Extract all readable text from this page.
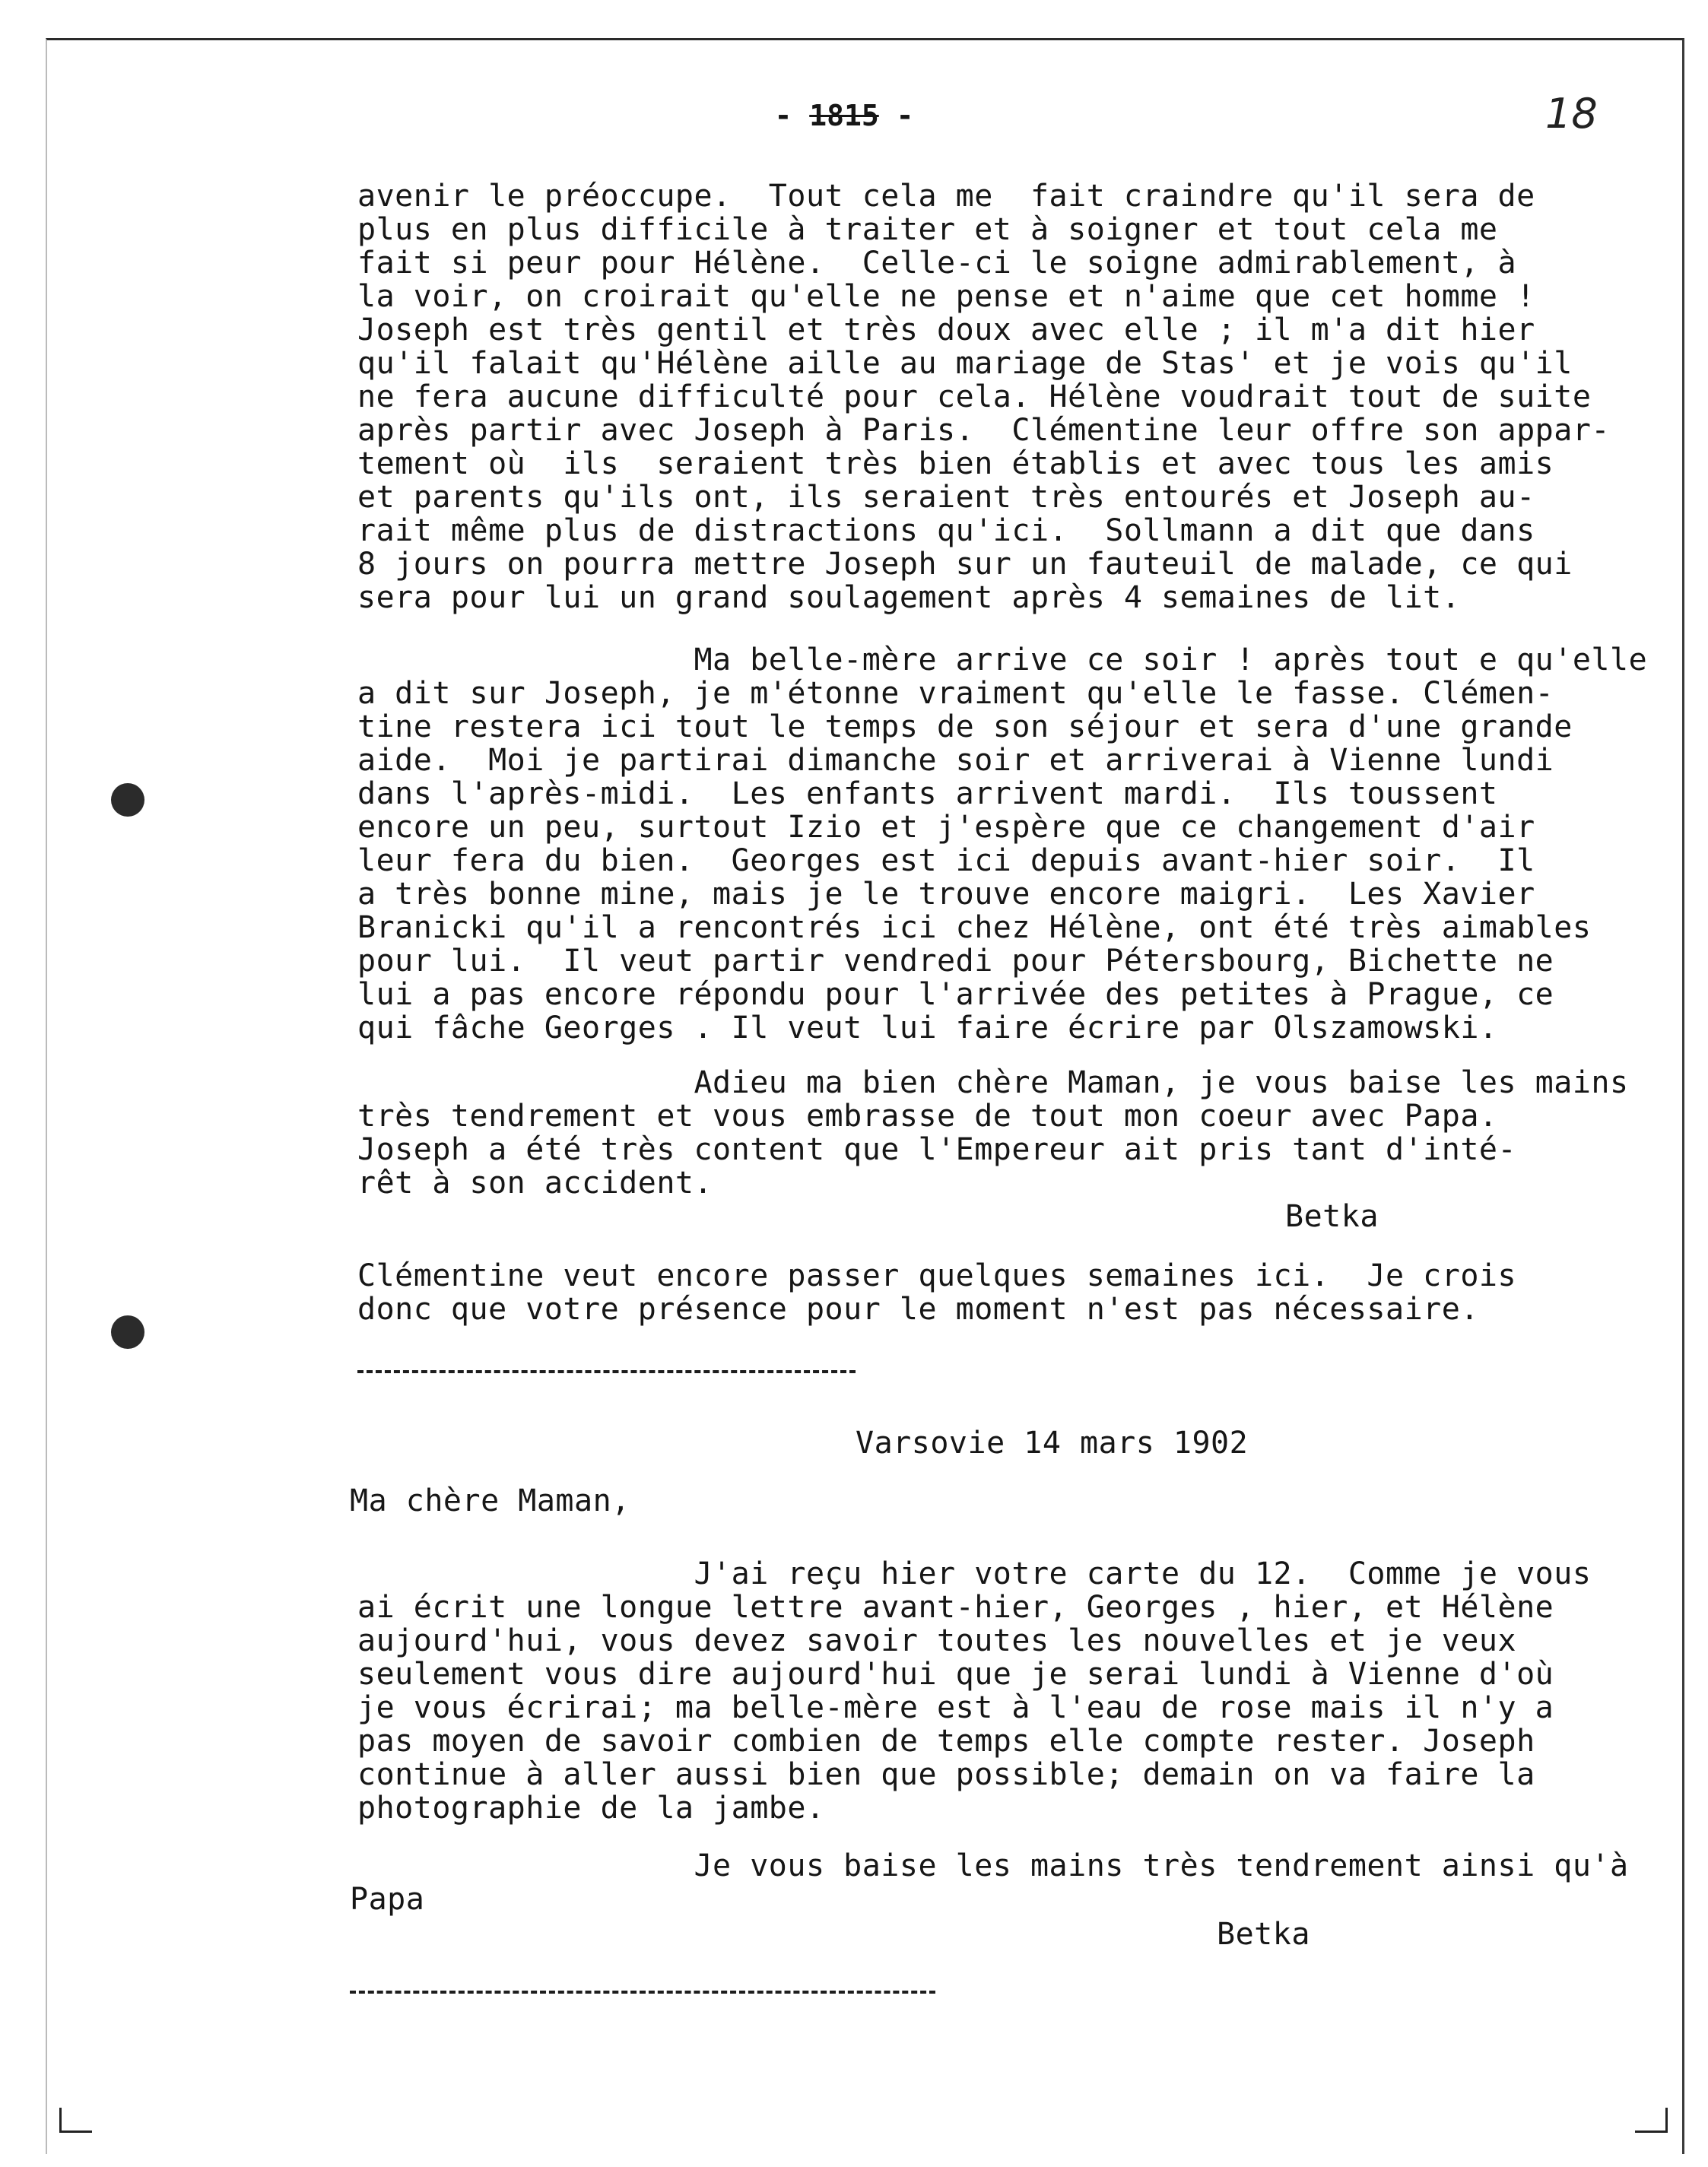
- 1815 -	18

avenir le préoccupe.  Tout cela me  fait craindre qu'il sera de

plus en plus difficile à traiter et à soigner et tout cela me

fait si peur pour Hélène.  Celle-ci le soigne admirablement, à

la voir, on croirait qu'elle ne pense et n'aime que cet homme !

Joseph est très gentil et très doux avec elle ; il m'a dit hier

qu'il falait qu'Hélène aille au mariage de Stas' et je vois qu'il

ne fera aucune difficulté pour cela. Hélène voudrait tout de suite

après partir avec Joseph à Paris.  Clémentine leur offre son appar-

tement où  ils  seraient très bien établis et avec tous les amis

et parents qu'ils ont, ils seraient très entourés et Joseph au-

rait même plus de distractions qu'ici.  Sollmann a dit que dans

8 jours on pourra mettre Joseph sur un fauteuil de malade, ce qui

sera pour lui un grand soulagement après 4 semaines de lit.

Ma belle-mère arrive ce soir ! après tout e qu'elle

a dit sur Joseph, je m'étonne vraiment qu'elle le fasse. Clémen-

tine restera ici tout le temps de son séjour et sera d'une grande

aide.  Moi je partirai dimanche soir et arriverai à Vienne lundi

dans l'après-midi.  Les enfants arrivent mardi.  Ils toussent

encore un peu, surtout Izio et j'espère que ce changement d'air

leur fera du bien.  Georges est ici depuis avant-hier soir.  Il

a très bonne mine, mais je le trouve encore maigri.  Les Xavier

Branicki qu'il a rencontrés ici chez Hélène, ont été très aimables

pour lui.  Il veut partir vendredi pour Pétersbourg, Bichette ne

lui a pas encore répondu pour l'arrivée des petites à Prague, ce

qui fâche Georges . Il veut lui faire écrire par Olszamowski.

Adieu ma bien chère Maman, je vous baise les mains

très tendrement et vous embrasse de tout mon coeur avec Papa.

Joseph a été très content que l'Empereur ait pris tant d'inté-

rêt à son accident.

Betka

Clémentine veut encore passer quelques semaines ici.  Je crois

donc que votre présence pour le moment n'est pas nécessaire.

Varsovie 14 mars 1902

Ma chère Maman,

J'ai reçu hier votre carte du 12.  Comme je vous

ai écrit une longue lettre avant-hier, Georges , hier, et Hélène

aujourd'hui, vous devez savoir toutes les nouvelles et je veux

seulement vous dire aujourd'hui que je serai lundi à Vienne d'où

je vous écrirai; ma belle-mère est à l'eau de rose mais il n'y a

pas moyen de savoir combien de temps elle compte rester. Joseph

continue à aller aussi bien que possible; demain on va faire la

photographie de la jambe.

Je vous baise les mains très tendrement ainsi qu'à

Papa

Betka
